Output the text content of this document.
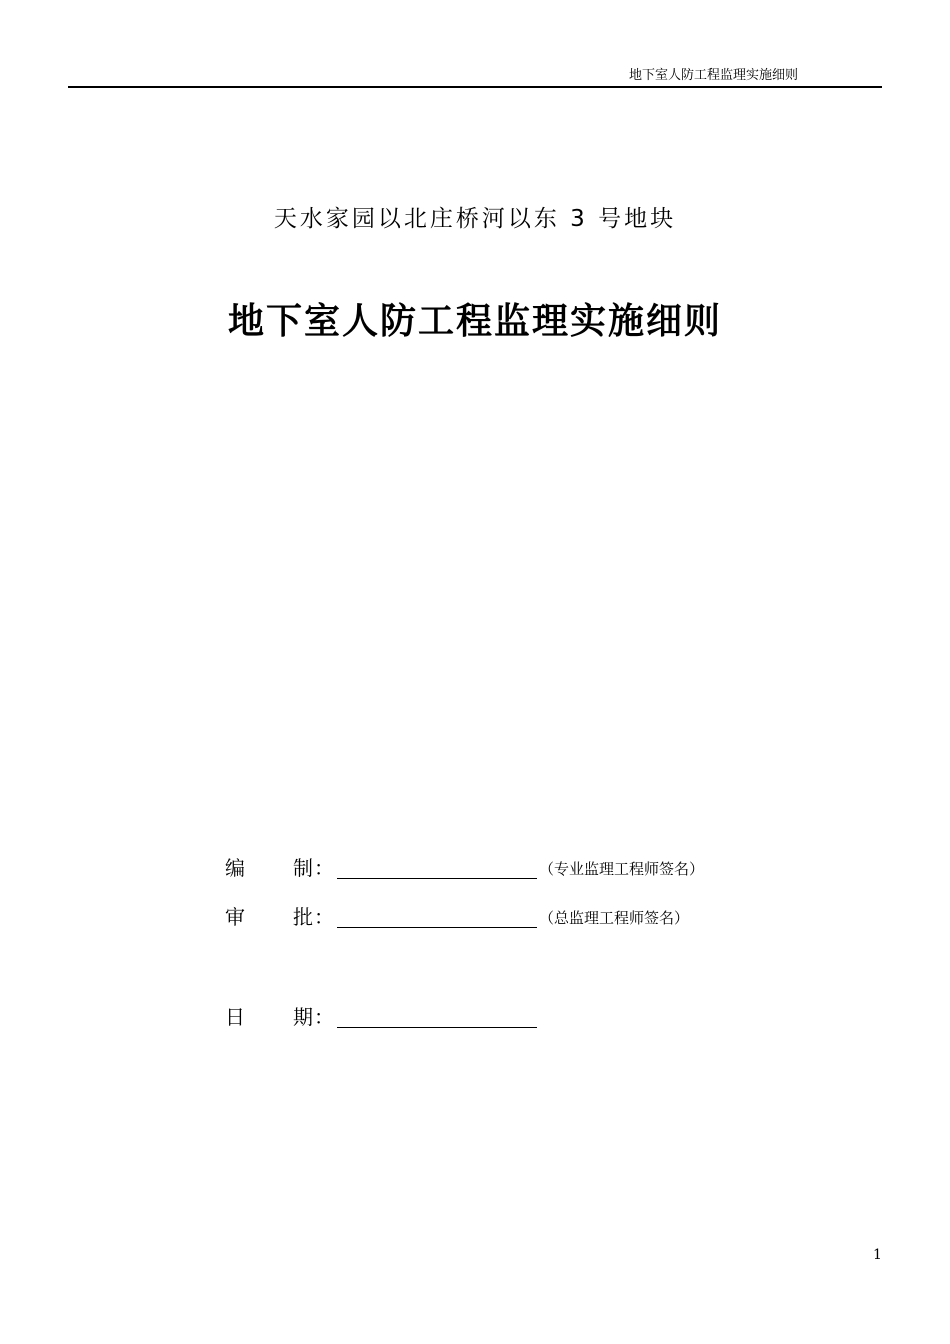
地下室人防工程监理实施细则
天水家园以北庄桥河以东 3 号地块
地下室人防工程监理实施细则
编 制 ：	（专业监理工程师签名）
审 批 ：	（总监理工程师签名）
日 期 ：
1
